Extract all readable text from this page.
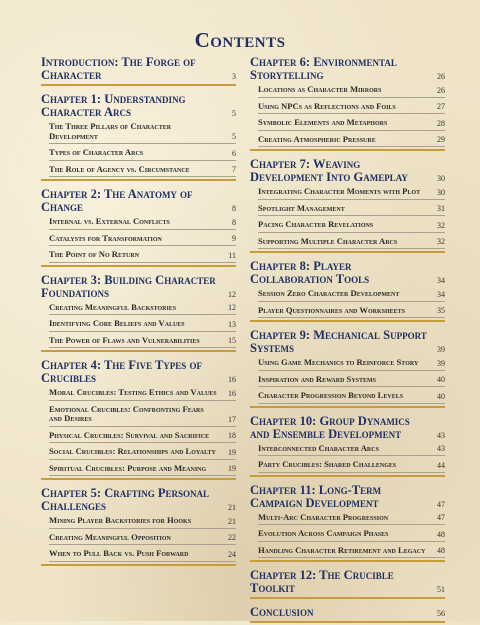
Contents
Introduction: The Forge of Character	3
Chapter 1: Understanding Character Arcs	5
The Three Pillars of Character Development	5
Types of Character Arcs	6
The Role of Agency vs. Circumstance	7
Chapter 2: The Anatomy of Change	8
Internal vs. External Conflicts	8
Catalysts for Transformation	9
The Point of No Return	11
Chapter 3: Building Character Foundations	12
Creating Meaningful Backstories	12
Identifying Core Beliefs and Values	13
The Power of Flaws and Vulnerabilities	15
Chapter 4: The Five Types of Crucibles	16
Moral Crucibles: Testing Ethics and Values	16
Emotional Crucibles: Confronting Fears and Desires	17
Physical Crucibles: Survival and Sacrifice	18
Social Crucibles: Relationships and Loyalty	19
Spiritual Crucibles: Purpose and Meaning	19
Chapter 5: Crafting Personal Challenges	21
Mining Player Backstories for Hooks	21
Creating Meaningful Opposition	22
When to Pull Back vs. Push Forward	24
Chapter 6: Environmental Storytelling	26
Locations as Character Mirrors	26
Using NPCs as Reflections and Foils	27
Symbolic Elements and Metaphors	28
Creating Atmospheric Pressure	29
Chapter 7: Weaving Development Into Gameplay	30
Integrating Character Moments with Plot	30
Spotlight Management	31
Pacing Character Revelations	32
Supporting Multiple Character Arcs	32
Chapter 8: Player Collaboration Tools	34
Session Zero Character Development	34
Player Questionnaires and Worksheets	35
Chapter 9: Mechanical Support Systems	39
Using Game Mechanics to Reinforce Story	39
Inspiration and Reward Systems	40
Character Progression Beyond Levels	40
Chapter 10: Group Dynamics and Ensemble Development	43
Interconnected Character Arcs	43
Party Crucibles: Shared Challenges	44
Chapter 11: Long-Term Campaign Development	47
Multi-Arc Character Progression	47
Evolution Across Campaign Phases	48
Handling Character Retirement and Legacy	48
Chapter 12: The Crucible Toolkit	51
Conclusion	56
